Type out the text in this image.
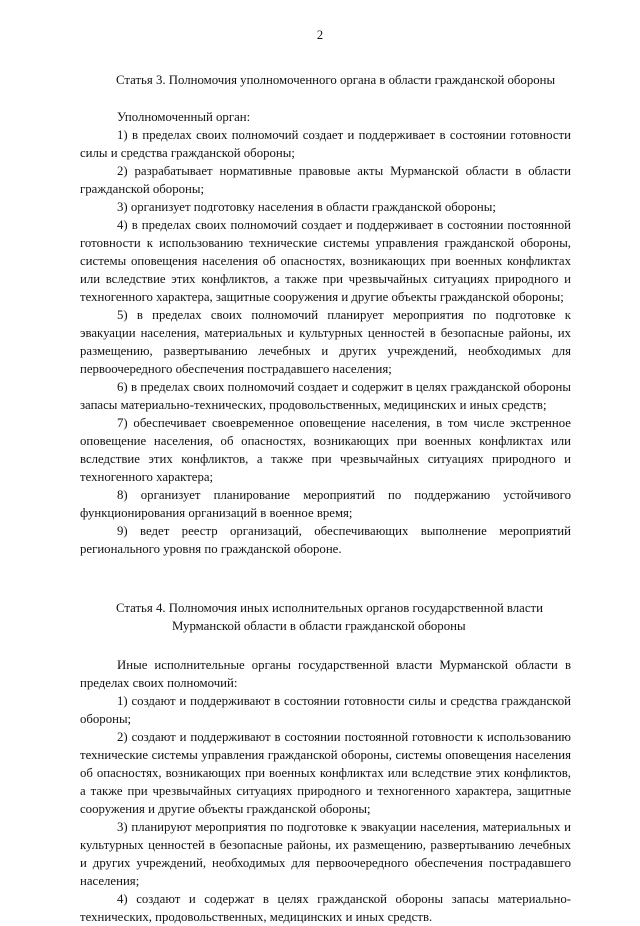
2
Статья 3. Полномочия уполномоченного органа в области гражданской обороны

Уполномоченный орган:

1) в пределах своих полномочий создает и поддерживает в состоянии готовности силы и средства гражданской обороны;

2) разрабатывает нормативные правовые акты Мурманской области в области гражданской обороны;

3) организует подготовку населения в области гражданской обороны;

4) в пределах своих полномочий создает и поддерживает в состоянии постоянной готовности к использованию технические системы управления гражданской обороны, системы оповещения населения об опасностях, возникающих при военных конфликтах или вследствие этих конфликтов, а также при чрезвычайных ситуациях природного и техногенного характера, защитные сооружения и другие объекты гражданской обороны;

5) в пределах своих полномочий планирует мероприятия по подготовке к эвакуации населения, материальных и культурных ценностей в безопасные районы, их размещению, развертыванию лечебных и других учреждений, необходимых для первоочередного обеспечения пострадавшего населения;

6) в пределах своих полномочий создает и содержит в целях гражданской обороны запасы материально-технических, продовольственных, медицинских и иных средств;

7) обеспечивает своевременное оповещение населения, в том числе экстренное оповещение населения, об опасностях, возникающих при военных конфликтах или вследствие этих конфликтов, а также при чрезвычайных ситуациях природного и техногенного характера;

8) организует планирование мероприятий по поддержанию устойчивого функционирования организаций в военное время;

9) ведет реестр организаций, обеспечивающих выполнение мероприятий регионального уровня по гражданской обороне.

Статья 4. Полномочия иных исполнительных органов государственной власти
Мурманской области в области гражданской обороны

Иные исполнительные органы государственной власти Мурманской области в пределах своих полномочий:

1) создают и поддерживают в состоянии готовности силы и средства гражданской обороны;

2) создают и поддерживают в состоянии постоянной готовности к использованию технические системы управления гражданской обороны, системы оповещения населения об опасностях, возникающих при военных конфликтах или вследствие этих конфликтов, а также при чрезвычайных ситуациях природного и техногенного характера, защитные сооружения и другие объекты гражданской обороны;

3) планируют мероприятия по подготовке к эвакуации населения, материальных и культурных ценностей в безопасные районы, их размещению, развертыванию лечебных и других учреждений, необходимых для первоочередного обеспечения пострадавшего населения;

4) создают и содержат в целях гражданской обороны запасы материально-технических, продовольственных, медицинских и иных средств.
